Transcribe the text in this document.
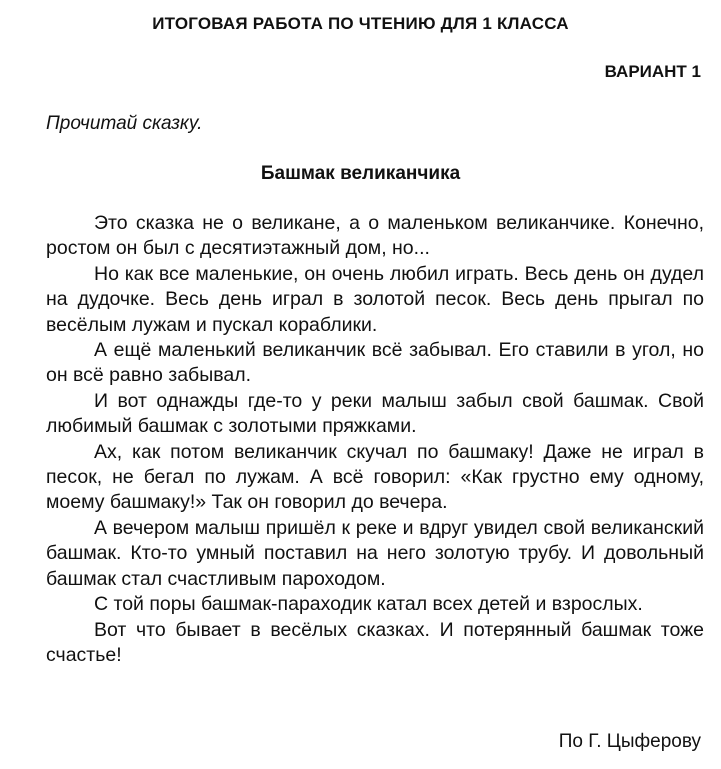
ИТОГОВАЯ РАБОТА ПО ЧТЕНИЮ ДЛЯ 1 КЛАССА
ВАРИАНТ 1
Прочитай сказку.
Башмак великанчика

Это сказка не о великане, а о маленьком великанчике. Конечно, ростом он был с десятиэтажный дом, но...

Но как все маленькие, он очень любил играть. Весь день он дудел на дудочке. Весь день играл в золотой песок. Весь день прыгал по весёлым лужам и пускал кораблики.

А ещё маленький великанчик всё забывал. Его ставили в угол, но он всё равно забывал.

И вот однажды где-то у реки малыш забыл свой башмак. Свой любимый башмак с золотыми пряжками.

Ах, как потом великанчик скучал по башмаку! Даже не играл в песок, не бегал по лужам. А всё говорил: «Как грустно ему одному, моему башмаку!» Так он говорил до вечера.

А вечером малыш пришёл к реке и вдруг увидел свой великанский башмак. Кто-то умный поставил на него золотую трубу. И довольный башмак стал счастливым пароходом.

С той поры башмак-параходик катал всех детей и взрослых.

Вот что бывает в весёлых сказках. И потерянный башмак тоже счастье!

По Г. Цыферову
